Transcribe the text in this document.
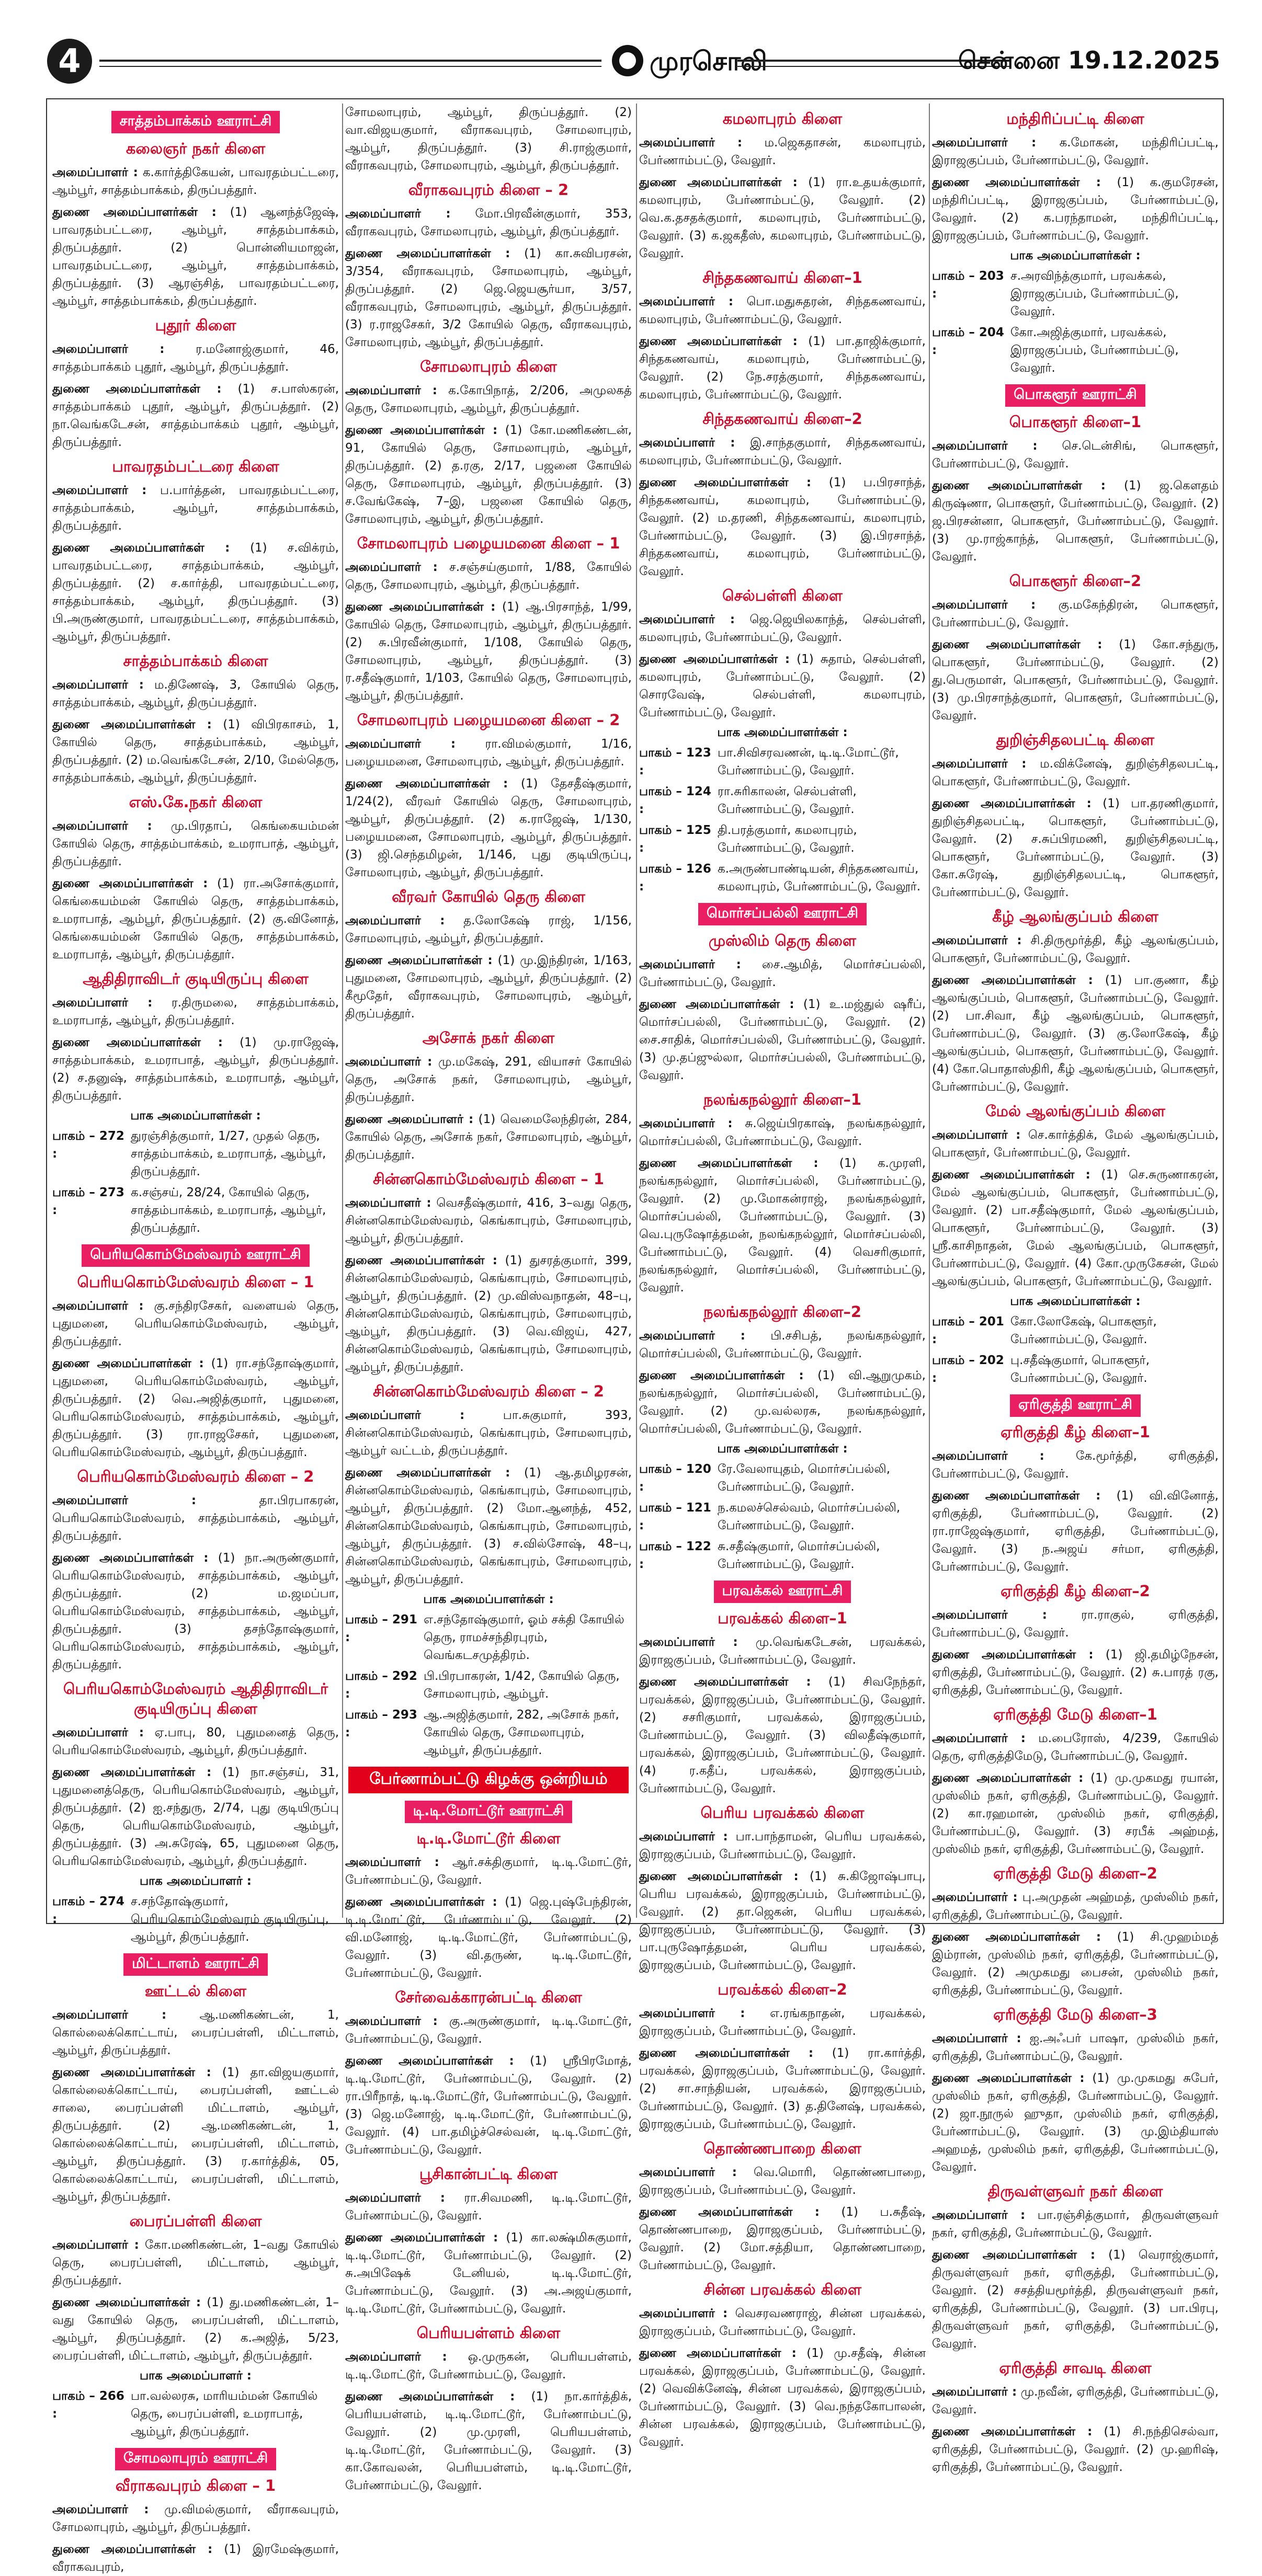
4	முரசொலி	சென்னை 19.12.2025
சாத்தம்பாக்கம் ஊராட்சி
கலைஞர் நகர் கிளை

அமைப்பாளர் : க.கார்த்திகேயன், பாவரதம்பட்டரை, ஆம்பூர், சாத்தம்பாக்கம், திருப்பத்தூர்.

துணை அமைப்பாளர்கள் : (1) ஆனந்த்ஜேஷ், பாவரதம்பட்டரை, ஆம்பூர், சாத்தம்பாக்கம், திருப்பத்தூர். (2) பொன்னியமாஜன், பாவரதம்பட்டரை, ஆம்பூர், சாத்தம்பாக்கம், திருப்பத்தூர். (3) ஆரஞ்சித், பாவரதம்பட்டரை, ஆம்பூர், சாத்தம்பாக்கம், திருப்பத்தூர்.

புதூர் கிளை

அமைப்பாளர் :	ர.மனோஜ்குமார், 46, சாத்தம்பாக்கம் புதூர், ஆம்பூர், திருப்பத்தூர்.

துணை அமைப்பாளர்கள் : (1) ச.பாஸ்கரன், சாத்தம்பாக்கம் புதூர், ஆம்பூர், திருப்பத்தூர். (2) நா.வெங்கடேசன், சாத்தம்பாக்கம் புதூர், ஆம்பூர், திருப்பத்தூர்.

பாவரதம்பட்டரை கிளை

அமைப்பாளர் : ப.பார்த்தன், பாவரதம்பட்டரை, சாத்தம்பாக்கம், ஆம்பூர், சாத்தம்பாக்கம், திருப்பத்தூர்.

துணை அமைப்பாளர்கள் : (1) ச.விக்ரம், பாவரதம்பட்டரை, சாத்தம்பாக்கம், ஆம்பூர், திருப்பத்தூர். (2) ச.கார்த்தி, பாவரதம்பட்டரை, சாத்தம்பாக்கம், ஆம்பூர், திருப்பத்தூர். (3) பி.அருண்குமார், பாவரதம்பட்டரை, சாத்தம்பாக்கம், ஆம்பூர், திருப்பத்தூர்.

சாத்தம்பாக்கம் கிளை

அமைப்பாளர் : ம.திணேஷ், 3, கோயில் தெரு, சாத்தம்பாக்கம், ஆம்பூர், திருப்பத்தூர்.

துணை அமைப்பாளர்கள் : (1) விபிரகாசம், 1, கோயில் தெரு, சாத்தம்பாக்கம், ஆம்பூர், திருப்பத்தூர். (2) ம.வெங்கடேசன், 2/10, மேல்தெரு, சாத்தம்பாக்கம், ஆம்பூர், திருப்பத்தூர்.

எஸ்.கே.நகர் கிளை

அமைப்பாளர் : மு.பிரதாப், கெங்கையம்மன் கோயில் தெரு, சாத்தம்பாக்கம், உமராபாத், ஆம்பூர், திருப்பத்தூர்.

துணை அமைப்பாளர்கள் : (1) ரா.அசோக்குமார், கெங்கையம்மன் கோயில் தெரு, சாத்தம்பாக்கம், உமராபாத், ஆம்பூர், திருப்பத்தூர். (2) கு.வினோத், கெங்கையம்மன் கோயில் தெரு, சாத்தம்பாக்கம், உமராபாத், ஆம்பூர், திருப்பத்தூர்.

ஆதிதிராவிடர் குடியிருப்பு கிளை

அமைப்பாளர் : ர.திருமலை, சாத்தம்பாக்கம், உமராபாத், ஆம்பூர், திருப்பத்தூர்.

துணை அமைப்பாளர்கள் : (1) மு.ராஜேஷ், சாத்தம்பாக்கம், உமராபாத், ஆம்பூர், திருப்பத்தூர். (2) ச.தனுஷ், சாத்தம்பாக்கம், உமராபாத், ஆம்பூர், திருப்பத்தூர்.

பாக அமைப்பாளர்கள் :
பாகம் – 272 :
துரஞ்சித்குமார், 1/27, முதல் தெரு, சாத்தம்பாக்கம், உமராபாத், ஆம்பூர், திருப்பத்தூர்.
பாகம் – 273 :
க.சஞ்சய், 28/24, கோயில் தெரு, சாத்தம்பாக்கம், உமராபாத், ஆம்பூர், திருப்பத்தூர்.
பெரியகொம்மேஸ்வரம் ஊராட்சி
பெரியகொம்மேஸ்வரம் கிளை – 1

அமைப்பாளர் : கு.சந்திரசேகர், வளையல் தெரு, புதுமனை, பெரியகொம்மேஸ்வரம், ஆம்பூர், திருப்பத்தூர்.

துணை அமைப்பாளர்கள் : (1) ரா.சந்தோஷ்குமார், புதுமனை, பெரியகொம்மேஸ்வரம், ஆம்பூர், திருப்பத்தூர். (2) வெ.அஜித்குமார், புதுமனை, பெரியகொம்மேஸ்வரம், சாத்தம்பாக்கம், ஆம்பூர், திருப்பத்தூர். (3) ரா.ராஜசேகர், புதுமனை, பெரியகொம்மேஸ்வரம், ஆம்பூர், திருப்பத்தூர்.

பெரியகொம்மேஸ்வரம் கிளை – 2

அமைப்பாளர் :	தா.பிரபாகரன், பெரியகொம்மேஸ்வரம், சாத்தம்பாக்கம், ஆம்பூர், திருப்பத்தூர்.

துணை அமைப்பாளர்கள் : (1) நா.அருண்குமார், பெரியகொம்மேஸ்வரம், சாத்தம்பாக்கம், ஆம்பூர், திருப்பத்தூர். (2) ம.ஜமப்பா, பெரியகொம்மேஸ்வரம், சாத்தம்பாக்கம், ஆம்பூர், திருப்பத்தூர். (3) தசந்தோஷ்குமார், பெரியகொம்மேஸ்வரம், சாத்தம்பாக்கம், ஆம்பூர், திருப்பத்தூர்.

பெரியகொம்மேஸ்வரம் ஆதிதிராவிடர் குடியிருப்பு கிளை

அமைப்பாளர் : ஏ.பாபு, 80, புதுமனைத் தெரு, பெரியகொம்மேஸ்வரம், ஆம்பூர், திருப்பத்தூர்.

துணை அமைப்பாளர்கள் : (1) நா.சஞ்சய், 31, புதுமனைத்தெரு, பெரியகொம்மேஸ்வரம், ஆம்பூர், திருப்பத்தூர். (2) ஐ.சந்துரு, 2/74, புது குடியிருப்பு தெரு, பெரியகொம்மேஸ்வரம், ஆம்பூர், திருப்பத்தூர். (3) அ.சுரேஷ், 65, புதுமனை தெரு, பெரியகொம்மேஸ்வரம், ஆம்பூர், திருப்பத்தூர்.

பாக அமைப்பாளர் :
பாகம் – 274 :
ச.சந்தோஷ்குமார், பெரியகொம்மேஸ்வரம் குடியிருப்பு, ஆம்பூர், திருப்பத்தூர்.
மிட்டாளம் ஊராட்சி
ஊட்டல் கிளை

அமைப்பாளர் :	ஆ.மணிகண்டன், 1, கொல்லைக்கொட்டாய், பைரப்பள்ளி, மிட்டாளம், ஆம்பூர், திருப்பத்தூர்.

துணை அமைப்பாளர்கள் : (1) தா.விஜயகுமார், கொல்லைக்கொட்டாய், பைரப்பள்ளி, ஊட்டல் சாலை, பைரப்பள்ளி மிட்டாளம், ஆம்பூர், திருப்பத்தூர். (2) ஆ.மணிகண்டன், 1, கொல்லைக்கொட்டாய், பைரப்பள்ளி, மிட்டாளம், ஆம்பூர், திருப்பத்தூர். (3) ர.கார்த்திக், 05, கொல்லைக்கொட்டாய், பைரப்பள்ளி, மிட்டாளம், ஆம்பூர், திருப்பத்தூர்.

பைரப்பள்ளி கிளை

அமைப்பாளர் : கோ.மணிகண்டன், 1–வது கோயில் தெரு, பைரப்பள்ளி, மிட்டாளம், ஆம்பூர், திருப்பத்தூர்.

துணை அமைப்பாளர்கள் : (1) து.மணிகண்டன், 1–வது கோயில் தெரு, பைரப்பள்ளி, மிட்டாளம், ஆம்பூர், திருப்பத்தூர். (2) க.அஜித், 5/23, பைரப்பள்ளி, மிட்டாளம், ஆம்பூர், திருப்பத்தூர்.

பாக அமைப்பாளர் :
பாகம் – 266 :
பா.வல்லரசு, மாரியம்மன் கோயில் தெரு, பைரப்பள்ளி, உமராபாத், ஆம்பூர், திருப்பத்தூர்.
சோமலாபுரம் ஊராட்சி
வீராகவபுரம் கிளை – 1

அமைப்பாளர் : மு.விமல்குமார், வீராகவபுரம், சோமலாபுரம், ஆம்பூர், திருப்பத்தூர்.

துணை அமைப்பாளர்கள் : (1) இரமேஷ்குமார், வீராகவபுரம்,

சோமலாபுரம், ஆம்பூர், திருப்பத்தூர். (2) வா.விஜயகுமார், வீராகவபுரம், சோமலாபுரம், ஆம்பூர், திருப்பத்தூர். (3) சி.ராஜ்குமார், வீராகவபுரம், சோமலாபுரம், ஆம்பூர், திருப்பத்தூர்.

வீராகவபுரம் கிளை – 2

அமைப்பாளர் : மோ.பிரவீன்குமார், 353, வீராகவபுரம், சோமலாபுரம், ஆம்பூர், திருப்பத்தூர்.

துணை அமைப்பாளர்கள் : (1) கா.சுவிபரசன், 3/354, வீராகவபுரம், சோமலாபுரம், ஆம்பூர், திருப்பத்தூர். (2) ஜெ.ஜெயசூர்யா, 3/57, வீராகவபுரம், சோமலாபுரம், ஆம்பூர், திருப்பத்தூர். (3) ர.ராஜசேகர், 3/2 கோயில் தெரு, வீராகவபுரம், சோமலாபுரம், ஆம்பூர், திருப்பத்தூர்.

சோமலாபுரம் கிளை

அமைப்பாளர் : க.கோபிநாத், 2/206, அமுலகத் தெரு, சோமலாபுரம், ஆம்பூர், திருப்பத்தூர்.

துணை அமைப்பாளர்கள் : (1) கோ.மணிகண்டன், 91, கோயில் தெரு, சோமலாபுரம், ஆம்பூர், திருப்பத்தூர். (2) த.ரகு, 2/17, பஜனை கோயில் தெரு, சோமலாபுரம், ஆம்பூர், திருப்பத்தூர். (3) ச.வேங்கேஷ், 7–இ, பஜனை கோயில் தெரு, சோமலாபுரம், ஆம்பூர், திருப்பத்தூர்.

சோமலாபுரம் பழையமனை கிளை – 1

அமைப்பாளர் : ச.சஞ்சய்குமார், 1/88, கோயில் தெரு, சோமலாபுரம், ஆம்பூர், திருப்பத்தூர்.

துணை அமைப்பாளர்கள் : (1) ஆ.பிரசாந்த், 1/99, கோயில் தெரு, சோமலாபுரம், ஆம்பூர், திருப்பத்தூர். (2) சு.பிரவீன்குமார், 1/108, கோயில் தெரு, சோமலாபுரம், ஆம்பூர், திருப்பத்தூர். (3) ர.சதீஷ்குமார், 1/103, கோயில் தெரு, சோமலாபுரம், ஆம்பூர், திருப்பத்தூர்.

சோமலாபுரம் பழையமனை கிளை – 2

அமைப்பாளர் : ரா.விமல்குமார், 1/16, பழையமனை, சோமலாபுரம், ஆம்பூர், திருப்பத்தூர்.

துணை அமைப்பாளர்கள் : (1) தேசதீஷ்குமார், 1/24(2), வீரவர் கோயில் தெரு, சோமலாபுரம், ஆம்பூர், திருப்பத்தூர். (2) க.ராஜேஷ், 1/130, பழையமனை, சோமலாபுரம், ஆம்பூர், திருப்பத்தூர். (3) ஜி.செந்தமிழன், 1/146, புது குடியிருப்பு, சோமலாபுரம், ஆம்பூர், திருப்பத்தூர்.

வீரவர் கோயில் தெரு கிளை

அமைப்பாளர் : த.லோகேஷ் ராஜ், 1/156, சோமலாபுரம், ஆம்பூர், திருப்பத்தூர்.

துணை அமைப்பாளர்கள் : (1) மு.இந்திரன், 1/163, புதுமனை, சோமலாபுரம், ஆம்பூர், திருப்பத்தூர். (2) கீமூதேர், வீராகவபுரம், சோமலாபுரம், ஆம்பூர், திருப்பத்தூர்.

அசோக் நகர் கிளை

அமைப்பாளர் : மு.மகேஷ், 291, வியாசர் கோயில் தெரு, அசோக் நகர், சோமலாபுரம், ஆம்பூர், திருப்பத்தூர்.

துணை அமைப்பாளர் : (1) வெமைலேந்திரன், 284, கோயில் தெரு, அசோக் நகர், சோமலாபுரம், ஆம்பூர், திருப்பத்தூர்.

சின்னகொம்மேஸ்வரம் கிளை – 1

அமைப்பாளர் : வெசதீஷ்குமார், 416, 3–வது தெரு, சின்னகொம்மேஸ்வரம், கெங்காபுரம், சோமலாபுரம், ஆம்பூர், திருப்பத்தூர்.

துணை அமைப்பாளர்கள் : (1) துசரத்குமார், 399, சின்னகொம்மேஸ்வரம், கெங்காபுரம், சோமலாபுரம், ஆம்பூர், திருப்பத்தூர். (2) மு.விஸ்வநாதன், 48–பு, சின்னகொம்மேஸ்வரம், கெங்காபுரம், சோமலாபுரம், ஆம்பூர், திருப்பத்தூர். (3) வெ.விஜய், 427, சின்னகொம்மேஸ்வரம், கெங்காபுரம், சோமலாபுரம், ஆம்பூர், திருப்பத்தூர்.

சின்னகொம்மேஸ்வரம் கிளை – 2

அமைப்பாளர் :	பா.சுகுமார், 393, சின்னகொம்மேஸ்வரம், கெங்காபுரம், சோமலாபுரம், ஆம்பூர் வட்டம், திருப்பத்தூர்.

துணை அமைப்பாளர்கள் : (1) ஆ.தமிழரசன், சின்னகொம்மேஸ்வரம், கெங்காபுரம், சோமலாபுரம், ஆம்பூர், திருப்பத்தூர். (2) மோ.ஆனந்த், 452, சின்னகொம்மேஸ்வரம், கெங்காபுரம், சோமலாபுரம், ஆம்பூர், திருப்பத்தூர். (3) ச.வில்சோஷ், 48–பு, சின்னகொம்மேஸ்வரம், கெங்காபுரம், சோமலாபுரம், ஆம்பூர், திருப்பத்தூர்.

பாக அமைப்பாளர்கள் :
பாகம் – 291 :
எ.சந்தோஷ்குமார், ஓம் சக்தி கோயில் தெரு, ராமச்சந்திரபுரம், வெங்கடசமுத்திரம்.
பாகம் – 292 :
பி.பிரபாகரன், 1/42, கோயில் தெரு, சோமலாபுரம், ஆம்பூர்.
பாகம் – 293 :
ஆ.அஜித்குமார், 282, அசோக் நகர், கோயில் தெரு, சோமலாபுரம், ஆம்பூர், திருப்பத்தூர்.
பேர்ணாம்பட்டு கிழக்கு ஒன்றியம்
டி.டி.மோட்டூர் ஊராட்சி
டி.டி.மோட்டூர் கிளை

அமைப்பாளர் : ஆர்.சக்திகுமார், டி.டி.மோட்டூர், பேர்ணாம்பட்டு, வேலூர்.

துணை அமைப்பாளர்கள் : (1) ஜெ.புஷ்பேந்திரன், டி.டி.மோட்டூர், பேர்ணாம்பட்டு, வேலூர். (2) வி.மனோஜ், டி.டி.மோட்டூர், பேர்ணாம்பட்டு, வேலூர். (3) வி.தருண், டி.டி.மோட்டூர், பேர்ணாம்பட்டு, வேலூர்.

சேர்வைக்காரன்பட்டி கிளை

அமைப்பாளர் : கு.அருண்குமார், டி.டி.மோட்டூர், பேர்ணாம்பட்டு, வேலூர்.

துணை அமைப்பாளர்கள் : (1) ஸ்ரீபிரமோத், டி.டி.மோட்டூர், பேர்ணாம்பட்டு, வேலூர். (2) ரா.பிரீநாத், டி.டி.மோட்டூர், பேர்ணாம்பட்டு, வேலூர். (3) ஜெ.மனோஜ், டி.டி.மோட்டூர், பேர்ணாம்பட்டு, வேலூர். (4) பா.தமிழ்ச்செல்வன், டி.டி.மோட்டூர், பேர்ணாம்பட்டு, வேலூர்.

பூசிகான்பட்டி கிளை

அமைப்பாளர் : ரா.சிவமணி, டி.டி.மோட்டூர், பேர்ணாம்பட்டு, வேலூர்.

துணை அமைப்பாளர்கள் : (1) கா.லக்ஷ்மிசுகுமார், டி.டி.மோட்டூர், பேர்ணாம்பட்டு, வேலூர். (2) சு.அபிஷேக் டேனியல், டி.டி.மோட்டூர், பேர்ணாம்பட்டு, வேலூர். (3) அ.அஜய்குமார், டி.டி.மோட்டூர், பேர்ணாம்பட்டு, வேலூர்.

பெரியபள்ளம் கிளை

அமைப்பாளர் : ஒ.முருகன், பெரியபள்ளம், டி.டி.மோட்டூர், பேர்ணாம்பட்டு, வேலூர்.

துணை அமைப்பாளர்கள் : (1) நா.கார்த்திக், பெரியபள்ளம், டி.டி.மோட்டூர், பேர்ணாம்பட்டு, வேலூர். (2) மு.முரளி, பெரியபள்ளம், டி.டி.மோட்டூர், பேர்ணாம்பட்டு, வேலூர். (3) கா.கோவலன், பெரியபள்ளம், டி.டி.மோட்டூர், பேர்ணாம்பட்டு, வேலூர்.

கமலாபுரம் கிளை

அமைப்பாளர் : ம.ஜெகதாசன், கமலாபுரம், பேர்ணாம்பட்டு, வேலூர்.

துணை அமைப்பாளர்கள் : (1) ரா.உதயக்குமார், கமலாபுரம், பேர்ணாம்பட்டு, வேலூர். (2) வெ.க.தசதக்குமார், கமலாபுரம், பேர்ணாம்பட்டு, வேலூர். (3) க.ஜகதீஸ், கமலாபுரம், பேர்ணாம்பட்டு, வேலூர்.

சிந்தகணவாய் கிளை–1

அமைப்பாளர் : பொ.மதுசுதரன், சிந்தகணவாய், கமலாபுரம், பேர்ணாம்பட்டு, வேலூர்.

துணை அமைப்பாளர்கள் : (1) பா.தாஜிக்குமார், சிந்தகணவாய், கமலாபுரம், பேர்ணாம்பட்டு, வேலூர். (2) நே.சரத்குமார், சிந்தகணவாய், கமலாபுரம், பேர்ணாம்பட்டு, வேலூர்.

சிந்தகணவாய் கிளை–2

அமைப்பாளர் : இ.சாந்தகுமார், சிந்தகணவாய், கமலாபுரம், பேர்ணாம்பட்டு, வேலூர்.

துணை அமைப்பாளர்கள் : (1) ப.பிரசாந்த், சிந்தகணவாய், கமலாபுரம், பேர்ணாம்பட்டு, வேலூர். (2) ம.தரணி, சிந்தகணவாய், கமலாபுரம், பேர்ணாம்பட்டு, வேலூர். (3) இ.பிரசாந்த், சிந்தகணவாய், கமலாபுரம், பேர்ணாம்பட்டு, வேலூர்.

செல்பள்ளி கிளை

அமைப்பாளர் : ஜெ.ஜெயிலகாந்த், செல்பள்ளி, கமலாபுரம், பேர்ணாம்பட்டு, வேலூர்.

துணை அமைப்பாளர்கள் : (1) சுதாம், செல்பள்ளி, கமலாபுரம், பேர்ணாம்பட்டு, வேலூர். (2) சொரவேஷ், செல்பள்ளி, கமலாபுரம், பேர்ணாம்பட்டு, வேலூர்.

பாக அமைப்பாளர்கள் :
பாகம் – 123 :
பா.சிவிசரவணன், டி.டி.மோட்டூர், பேர்ணாம்பட்டு, வேலூர்.
பாகம் – 124 :
ரா.சுரிகாலன், செல்பள்ளி, பேர்ணாம்பட்டு, வேலூர்.
பாகம் – 125 :
தி.பரத்குமார், கமலாபுரம், பேர்ணாம்பட்டு, வேலூர்.
பாகம் – 126 :
க.அருண்பாண்டியன், சிந்தகணவாய், கமலாபுரம், பேர்ணாம்பட்டு, வேலூர்.
மொர்சப்பல்லி ஊராட்சி
முஸ்லிம் தெரு கிளை

அமைப்பாளர் : சை.ஆமித், மொர்சப்பல்லி, பேர்ணாம்பட்டு, வேலூர்.

துணை அமைப்பாளர்கள் : (1) உ.மஜ்துல் ஷரீப், மொர்சப்பல்லி, பேர்ணாம்பட்டு, வேலூர். (2) சை.சாதிக், மொர்சப்பல்லி, பேர்ணாம்பட்டு, வேலூர். (3) மு.தப்ஜுல்லா, மொர்சப்பல்லி, பேர்ணாம்பட்டு, வேலூர்.

நலங்கநல்லூர் கிளை–1

அமைப்பாளர் : சு.ஜெய்பிரகாஷ், நலங்கநல்லூர், மொர்சப்பல்லி, பேர்ணாம்பட்டு, வேலூர்.

துணை அமைப்பாளர்கள் : (1) க.முரளி, நலங்கநல்லூர், மொர்சப்பல்லி, பேர்ணாம்பட்டு, வேலூர். (2) மு.மோகன்ராஜ், நலங்கநல்லூர், மொர்சப்பல்லி, பேர்ணாம்பட்டு, வேலூர். (3) வெ.புருஷோத்தமன், நலங்கநல்லூர், மொர்சப்பல்லி, பேர்ணாம்பட்டு, வேலூர். (4) வெசரிகுமார், நலங்கநல்லூர், மொர்சப்பல்லி, பேர்ணாம்பட்டு, வேலூர்.

நலங்கநல்லூர் கிளை–2

அமைப்பாளர் : பி.சசிபத், நலங்கநல்லூர், மொர்சப்பல்லி, பேர்ணாம்பட்டு, வேலூர்.

துணை அமைப்பாளர்கள் : (1) வி.ஆறுமுகம், நலங்கநல்லூர், மொர்சப்பல்லி, பேர்ணாம்பட்டு, வேலூர். (2) மு.வல்லரசு, நலங்கநல்லூர், மொர்சப்பல்லி, பேர்ணாம்பட்டு, வேலூர்.

பாக அமைப்பாளர்கள் :
பாகம் – 120 :
ரே.வேலாயுதம், மொர்சப்பல்லி, பேர்ணாம்பட்டு, வேலூர்.
பாகம் – 121 :
ந.கமலச்செல்வம், மொர்சப்பல்லி, பேர்ணாம்பட்டு, வேலூர்.
பாகம் – 122 :
சு.சதீஷ்குமார், மொர்சப்பல்லி, பேர்ணாம்பட்டு, வேலூர்.
பரவக்கல் ஊராட்சி
பரவக்கல் கிளை–1

அமைப்பாளர் : மு.வெங்கடேசன், பரவக்கல், இராஜகுப்பம், பேர்ணாம்பட்டு, வேலூர்.

துணை அமைப்பாளர்கள் : (1) சிவநேந்தர், பரவக்கல், இராஜகுப்பம், பேர்ணாம்பட்டு, வேலூர். (2) சசரிகுமார், பரவக்கல், இராஜகுப்பம், பேர்ணாம்பட்டு, வேலூர். (3) விலதீஷ்குமார், பரவக்கல், இராஜகுப்பம், பேர்ணாம்பட்டு, வேலூர். (4) ர.கதீப், பரவக்கல், இராஜகுப்பம், பேர்ணாம்பட்டு, வேலூர்.

பெரிய பரவக்கல் கிளை

அமைப்பாளர் : பா.பாந்தாமன், பெரிய பரவக்கல், இராஜகுப்பம், பேர்ணாம்பட்டு, வேலூர்.

துணை அமைப்பாளர்கள் : (1) சு.கிஜோஷ்பாபு, பெரிய பரவக்கல், இராஜகுப்பம், பேர்ணாம்பட்டு, வேலூர். (2) தா.ஜெகன், பெரிய பரவக்கல், இராஜகுப்பம், பேர்ணாம்பட்டு, வேலூர். (3) பா.புருஷோத்தமன், பெரிய பரவக்கல், இராஜகுப்பம், பேர்ணாம்பட்டு, வேலூர்.

பரவக்கல் கிளை–2

அமைப்பாளர் : எ.ரங்கநாதன், பரவக்கல், இராஜகுப்பம், பேர்ணாம்பட்டு, வேலூர்.

துணை அமைப்பாளர்கள் : (1) ரா.கார்த்தி, பரவக்கல், இராஜகுப்பம், பேர்ணாம்பட்டு, வேலூர். (2) சா.சாந்தியன், பரவக்கல், இராஜகுப்பம், பேர்ணாம்பட்டு, வேலூர். (3) த.தினேஷ், பரவக்கல், இராஜகுப்பம், பேர்ணாம்பட்டு, வேலூர்.

தொண்ணபாறை கிளை

அமைப்பாளர் : வெ.மொரி, தொண்ணபாறை, இராஜகுப்பம், பேர்ணாம்பட்டு, வேலூர்.

துணை அமைப்பாளர்கள் : (1) ப.சுதீஷ், தொண்ணபாறை, இராஜகுப்பம், பேர்ணாம்பட்டு, வேலூர். (2) மோ.சத்தியா, தொண்ணபாறை, பேர்ணாம்பட்டு, வேலூர்.

சின்ன பரவக்கல் கிளை

அமைப்பாளர் : வெசரவணராஜ், சின்ன பரவக்கல், இராஜகுப்பம், பேர்ணாம்பட்டு, வேலூர்.

துணை அமைப்பாளர்கள் : (1) மு.சதீஷ், சின்ன பரவக்கல், இராஜகுப்பம், பேர்ணாம்பட்டு, வேலூர். (2) வெவிக்னேஷ், சின்ன பரவக்கல், இராஜகுப்பம், பேர்ணாம்பட்டு, வேலூர். (3) வெ.நந்தகோபாலன், சின்ன பரவக்கல், இராஜகுப்பம், பேர்ணாம்பட்டு, வேலூர்.

மந்திரிப்பட்டி கிளை

அமைப்பாளர் : க.மோகன், மந்திரிப்பட்டி, இராஜகுப்பம், பேர்ணாம்பட்டு, வேலூர்.

துணை அமைப்பாளர்கள் : (1) க.குமரேசன், மந்திரிப்பட்டி, இராஜகுப்பம், பேர்ணாம்பட்டு, வேலூர். (2) க.பரந்தாமன், மந்திரிப்பட்டி, இராஜகுப்பம், பேர்ணாம்பட்டு, வேலூர்.

பாக அமைப்பாளர்கள் :
பாகம் – 203 :
ச.அரவிந்த்குமார், பரவக்கல், இராஜகுப்பம், பேர்ணாம்பட்டு, வேலூர்.
பாகம் – 204 :
கோ.அஜித்குமார், பரவக்கல், இராஜகுப்பம், பேர்ணாம்பட்டு, வேலூர்.
பொகளூர் ஊராட்சி
பொகளூர் கிளை–1

அமைப்பாளர் : செ.டென்சிங், பொகளூர், பேர்ணாம்பட்டு, வேலூர்.

துணை அமைப்பாளர்கள் : (1) ஜ.கௌதம் கிருஷ்ணா, பொகளூர், பேர்ணாம்பட்டு, வேலூர். (2) ஜ.பிரசன்னா, பொகளூர், பேர்ணாம்பட்டு, வேலூர். (3) மு.ராஜ்காந்த், பொகளூர், பேர்ணாம்பட்டு, வேலூர்.

பொகளூர் கிளை–2

அமைப்பாளர் : கு.மகேந்திரன், பொகளூர், பேர்ணாம்பட்டு, வேலூர்.

துணை அமைப்பாளர்கள் : (1) கோ.சந்துரு, பொகளூர், பேர்ணாம்பட்டு, வேலூர். (2) து.பெருமாள், பொகளூர், பேர்ணாம்பட்டு, வேலூர். (3) மு.பிரசாந்த்குமார், பொகளூர், பேர்ணாம்பட்டு, வேலூர்.

துறிஞ்சிதலபட்டி கிளை

அமைப்பாளர் : ம.விக்னேஷ், துறிஞ்சிதலபட்டி, பொகளூர், பேர்ணாம்பட்டு, வேலூர்.

துணை அமைப்பாளர்கள் : (1) பா.தரணிகுமார், துறிஞ்சிதலபட்டி, பொகளூர், பேர்ணாம்பட்டு, வேலூர். (2) ச.சுப்பிரமணி, துறிஞ்சிதலபட்டி, பொகளூர், பேர்ணாம்பட்டு, வேலூர். (3) கோ.சுரேஷ், துறிஞ்சிதலபட்டி, பொகளூர், பேர்ணாம்பட்டு, வேலூர்.

கீழ் ஆலங்குப்பம் கிளை

அமைப்பாளர் : சி.திருமூர்த்தி, கீழ் ஆலங்குப்பம், பொகளூர், பேர்ணாம்பட்டு, வேலூர்.

துணை அமைப்பாளர்கள் : (1) பா.குணா, கீழ் ஆலங்குப்பம், பொகளூர், பேர்ணாம்பட்டு, வேலூர். (2) பா.சிவா, கீழ் ஆலங்குப்பம், பொகளூர், பேர்ணாம்பட்டு, வேலூர். (3) கு.லோகேஷ், கீழ் ஆலங்குப்பம், பொகளூர், பேர்ணாம்பட்டு, வேலூர். (4) கோ.பொதாஸ்திரி, கீழ் ஆலங்குப்பம், பொகளூர், பேர்ணாம்பட்டு, வேலூர்.

மேல் ஆலங்குப்பம் கிளை

அமைப்பாளர் : செ.கார்த்திக், மேல் ஆலங்குப்பம், பொகளூர், பேர்ணாம்பட்டு, வேலூர்.

துணை அமைப்பாளர்கள் : (1) செ.சுருணாகரன், மேல் ஆலங்குப்பம், பொகளூர், பேர்ணாம்பட்டு, வேலூர். (2) பா.சதீஷ்குமார், மேல் ஆலங்குப்பம், பொகளூர், பேர்ணாம்பட்டு, வேலூர். (3) ஸ்ரீ.காசிநாதன், மேல் ஆலங்குப்பம், பொகளூர், பேர்ணாம்பட்டு, வேலூர். (4) கோ.முருகேசன், மேல் ஆலங்குப்பம், பொகளூர், பேர்ணாம்பட்டு, வேலூர்.

பாக அமைப்பாளர்கள் :
பாகம் – 201 :
கோ.லோகேஷ், பொகளூர், பேர்ணாம்பட்டு, வேலூர்.
பாகம் – 202 :
பு.சதீஷ்குமார், பொகளூர், பேர்ணாம்பட்டு, வேலூர்.
ஏரிகுத்தி ஊராட்சி
ஏரிகுத்தி கீழ் கிளை–1

அமைப்பாளர் :	கே.மூர்த்தி, ஏரிகுத்தி, பேர்ணாம்பட்டு, வேலூர்.

துணை அமைப்பாளர்கள் : (1) வி.வினோத், ஏரிகுத்தி, பேர்ணாம்பட்டு, வேலூர். (2) ரா.ராஜேஷ்குமார், ஏரிகுத்தி, பேர்ணாம்பட்டு, வேலூர். (3) ந.அஜய் சர்மா, ஏரிகுத்தி, பேர்ணாம்பட்டு, வேலூர்.

ஏரிகுத்தி கீழ் கிளை–2

அமைப்பாளர் :	ரா.ராகுல், ஏரிகுத்தி, பேர்ணாம்பட்டு, வேலூர்.

துணை அமைப்பாளர்கள் : (1) ஜி.தமிழ்நேசன், ஏரிகுத்தி, பேர்ணாம்பட்டு, வேலூர். (2) சு.பாரத் ரகு, ஏரிகுத்தி, பேர்ணாம்பட்டு, வேலூர்.

ஏரிகுத்தி மேடு கிளை–1

அமைப்பாளர் : ம.பைரோஸ், 4/239, கோயில் தெரு, ஏரிகுத்திமேடு, பேர்ணாம்பட்டு, வேலூர்.

துணை அமைப்பாளர்கள் : (1) மு.முகமது ரயான், முஸ்லிம் நகர், ஏரிகுத்தி, பேர்ணாம்பட்டு, வேலூர். (2) கா.ரஹமான், முஸ்லிம் நகர், ஏரிகுத்தி, பேர்ணாம்பட்டு, வேலூர். (3) சரபீக் அஹ்மத், முஸ்லிம் நகர், ஏரிகுத்தி, பேர்ணாம்பட்டு, வேலூர்.

ஏரிகுத்தி மேடு கிளை–2

அமைப்பாளர் : பு.அமுதன் அஹ்மத், முஸ்லிம் நகர், ஏரிகுத்தி, பேர்ணாம்பட்டு, வேலூர்.

துணை அமைப்பாளர்கள் : (1) சி.முஹம்மத் இம்ரான், முஸ்லிம் நகர், ஏரிகுத்தி, பேர்ணாம்பட்டு, வேலூர். (2) அமுகமது பைசன், முஸ்லிம் நகர், ஏரிகுத்தி, பேர்ணாம்பட்டு, வேலூர்.

ஏரிகுத்தி மேடு கிளை–3

அமைப்பாளர் : ஐ.அஃபர் பாஷா, முஸ்லிம் நகர், ஏரிகுத்தி, பேர்ணாம்பட்டு, வேலூர்.

துணை அமைப்பாளர்கள் : (1) மு.முகமது சுபேர், முஸ்லிம் நகர், ஏரிகுத்தி, பேர்ணாம்பட்டு, வேலூர். (2) ஜா.நூருல் ஹுதா, முஸ்லிம் நகர், ஏரிகுத்தி, பேர்ணாம்பட்டு, வேலூர். (3) மு.இம்தியாஸ் அஹமத், முஸ்லிம் நகர், ஏரிகுத்தி, பேர்ணாம்பட்டு, வேலூர்.

திருவள்ளுவர் நகர் கிளை

அமைப்பாளர் : பா.ரஞ்சித்குமார், திருவள்ளுவர் நகர், ஏரிகுத்தி, பேர்ணாம்பட்டு, வேலூர்.

துணை அமைப்பாளர்கள் : (1) வெராஜ்குமார், திருவள்ளுவர் நகர், ஏரிகுத்தி, பேர்ணாம்பட்டு, வேலூர். (2) சசத்தியமூர்த்தி, திருவள்ளுவர் நகர், ஏரிகுத்தி, பேர்ணாம்பட்டு, வேலூர். (3) பா.பிரபு, திருவள்ளுவர் நகர், ஏரிகுத்தி, பேர்ணாம்பட்டு, வேலூர்.

ஏரிகுத்தி சாவடி கிளை

அமைப்பாளர் : மு.நவீன், ஏரிகுத்தி, பேர்ணாம்பட்டு, வேலூர்.

துணை அமைப்பாளர்கள் : (1) சி.நந்திசெல்வா, ஏரிகுத்தி, பேர்ணாம்பட்டு, வேலூர். (2) மு.ஹரிஷ், ஏரிகுத்தி, பேர்ணாம்பட்டு, வேலூர்.
